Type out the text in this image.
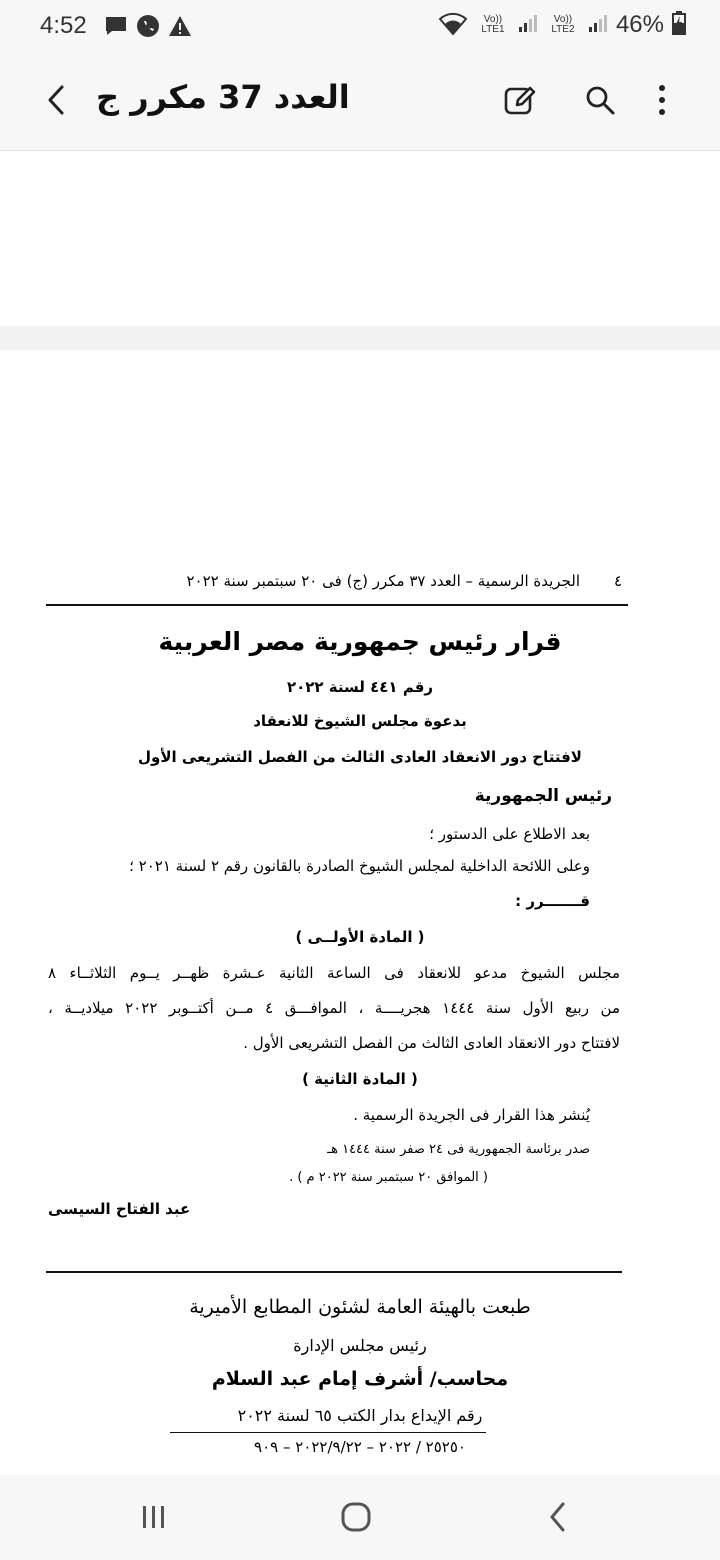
4:52	Vo)) LTE1
Vo)) LTE2 46%
العدد 37 مكرر ج
٤
الجريدة الرسمية – العدد ٣٧ مكرر (ج) فى ٢٠ سبتمبر سنة ٢٠٢٢
قرار رئيس جمهورية مصر العربية
رقم ٤٤١ لسنة ٢٠٢٢
بدعوة مجلس الشيوخ للانعقاد
لافتتاح دور الانعقاد العادى الثالث من الفصل التشريعى الأول
رئيس الجمهورية
بعد الاطلاع على الدستور ؛
وعلى اللائحة الداخلية لمجلس الشيوخ الصادرة بالقانون رقم ٢ لسنة ٢٠٢١ ؛
قـــــــرر :
( المادة الأولــى )
مجلس الشيوخ مدعو للانعقاد فى الساعة الثانية عـشرة ظهــر يــوم الثلاثــاء ٨
من ربيع الأول سنة ١٤٤٤ هجريــــة ، الموافـــق ٤ مــن أكتــوبر ٢٠٢٢ ميلاديــة ،
لافتتاح دور الانعقاد العادى الثالث من الفصل التشريعى الأول .
( المادة الثانية )
يُنشر هذا القرار فى الجريدة الرسمية .
صدر برئاسة الجمهورية فى ٢٤ صفر سنة ١٤٤٤ هـ
( الموافق ٢٠ سبتمبر سنة ٢٠٢٢ م ) .
عبد الفتاح السيسى
طبعت بالهيئة العامة لشئون المطابع الأميرية
رئيس مجلس الإدارة
محاسب/ أشرف إمام عبد السلام
رقم الإيداع بدار الكتب ٦٥ لسنة ٢٠٢٢
٢٥٢٥٠ / ٢٠٢٢ – ٢٠٢٢/٩/٢٢ – ٩٠٩
